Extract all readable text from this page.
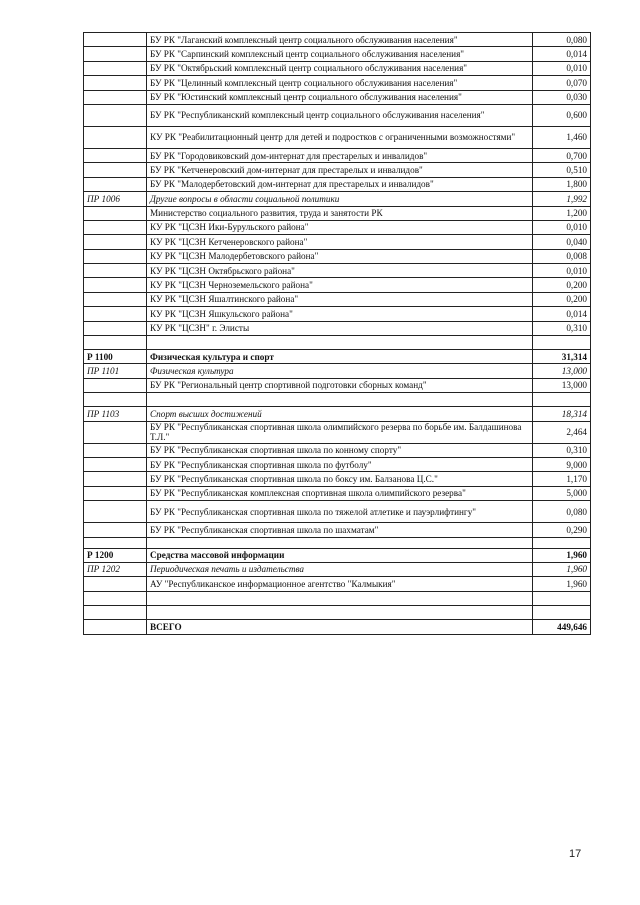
	БУ РК "Лаганский комплексный центр социального обслуживания населения"	0,080
	БУ РК "Сарпинский комплексный центр социального обслуживания населения"	0,014
	БУ РК "Октябрьский комплексный центр социального обслуживания населения"	0,010
	БУ РК "Целинный комплексный центр социального обслуживания населения"	0,070
	БУ РК "Юстинский комплексный центр социального обслуживания населения"	0,030
	БУ РК "Республиканский комплексный центр социального обслуживания населения"	0,600
	КУ РК "Реабилитационный центр для детей и подростков с ограниченными возможностями"	1,460
	БУ РК "Городовиковский дом-интернат для престарелых и инвалидов"	0,700
	БУ РК "Кетченеровский дом-интернат для престарелых и инвалидов"	0,510
	БУ РК "Малодербетовский дом-интернат для престарелых и инвалидов"	1,800
ПР 1006	Другие вопросы в области социальной политики	1,992
	Министерство социального развития, труда и занятости РК	1,200
	КУ РК "ЦСЗН Ики-Бурульского района"	0,010
	КУ РК "ЦСЗН Кетченеровского района"	0,040
	КУ РК "ЦСЗН Малодербетовского района"	0,008
	КУ РК "ЦСЗН Октябрьского района"	0,010
	КУ РК "ЦСЗН Черноземельского района"	0,200
	КУ РК "ЦСЗН Яшалтинского района"	0,200
	КУ РК "ЦСЗН Яшкульского района"	0,014
	КУ РК "ЦСЗН" г. Элисты	0,310

Р 1100	Физическая культура и спорт	31,314
ПР 1101	Физическая культура	13,000
	БУ РК "Региональный центр спортивной подготовки сборных команд"	13,000

ПР 1103	Спорт высших достижений	18,314
	БУ РК "Республиканская спортивная школа олимпийского резерва по борьбе им. Балдашинова Т.Л."	2,464
	БУ РК "Республиканская спортивная школа по конному спорту"	0,310
	БУ РК "Республиканская спортивная школа по футболу"	9,000
	БУ РК "Республиканская спортивная школа по боксу им. Балзанова Ц.С."	1,170
	БУ РК "Республиканская комплексная спортивная школа олимпийского резерва"	5,000
	БУ РК "Республиканская спортивная школа по тяжелой атлетике и пауэрлифтингу"	0,080
	БУ РК "Республиканская спортивная школа по шахматам"	0,290

Р 1200	Средства массовой информации	1,960
ПР 1202	Периодическая печать и издательства	1,960
	АУ "Республиканское информационное агентство "Калмыкия"	1,960

	ВСЕГО	449,646
17
